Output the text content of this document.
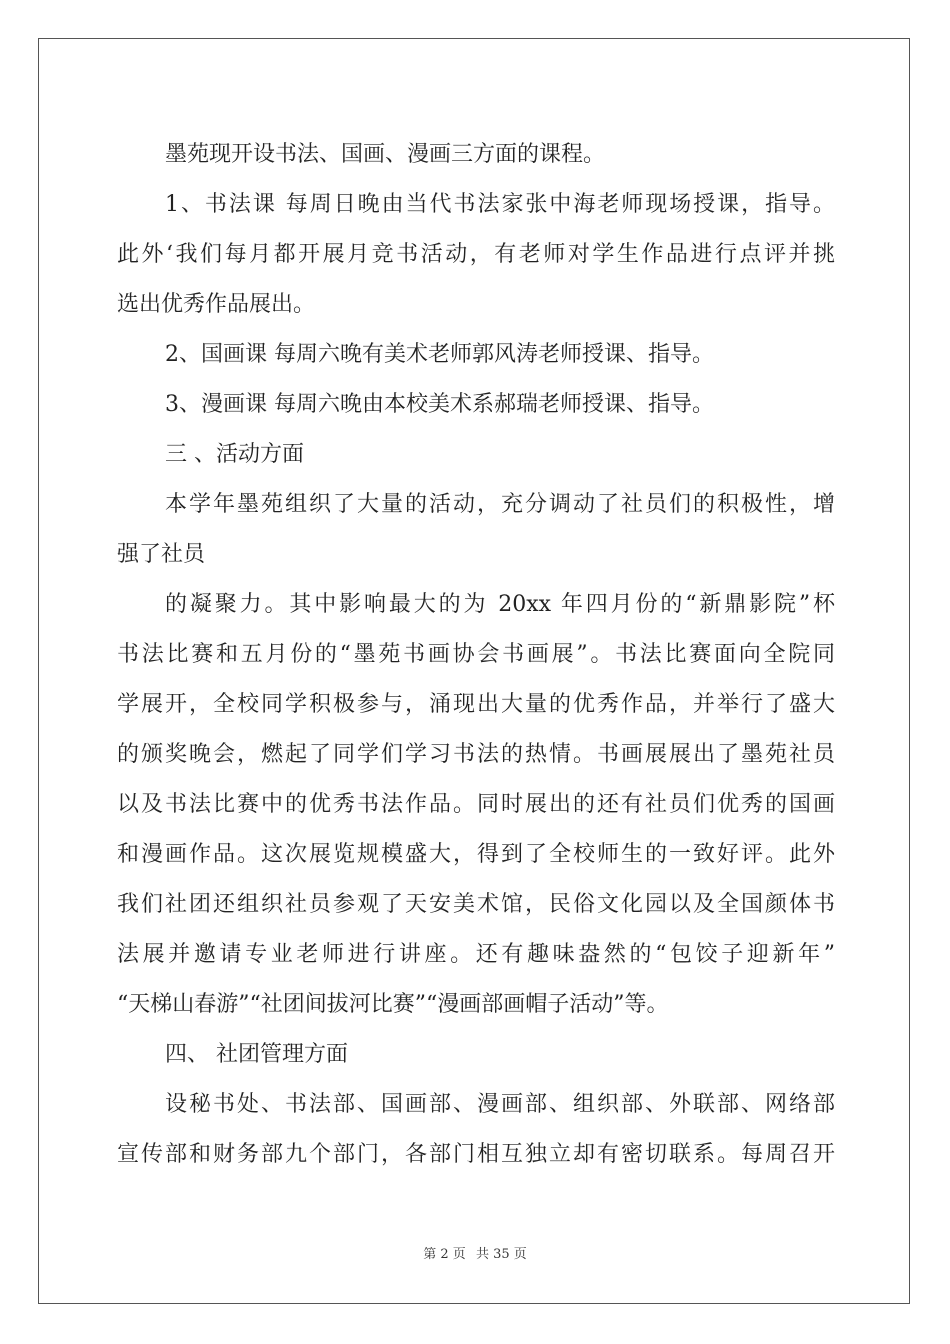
墨苑现开设书法、国画、漫画三方面的课程。
1、书法课 每周日晚由当代书法家张中海老师现场授课，指导。
此外‘我们每月都开展月竞书活动，有老师对学生作品进行点评并挑
选出优秀作品展出。
2、国画课 每周六晚有美术老师郭风涛老师授课、指导。
3、漫画课 每周六晚由本校美术系郝瑞老师授课、指导。
三 、活动方面
本学年墨苑组织了大量的活动，充分调动了社员们的积极性，增
强了社员
的凝聚力。其中影响最大的为 20xx 年四月份的“新鼎影院”杯
书法比赛和五月份的“墨苑书画协会书画展”。书法比赛面向全院同
学展开，全校同学积极参与，涌现出大量的优秀作品，并举行了盛大
的颁奖晚会，燃起了同学们学习书法的热情。书画展展出了墨苑社员
以及书法比赛中的优秀书法作品。同时展出的还有社员们优秀的国画
和漫画作品。这次展览规模盛大，得到了全校师生的一致好评。此外
我们社团还组织社员参观了天安美术馆，民俗文化园以及全国颜体书
法展并邀请专业老师进行讲座。还有趣味盎然的“包饺子迎新年”
“天梯山春游”“社团间拔河比赛”“漫画部画帽子活动”等。
四、 社团管理方面
设秘书处、书法部、国画部、漫画部、组织部、外联部、网络部
宣传部和财务部九个部门，各部门相互独立却有密切联系。每周召开
第 2 页 共 35 页
